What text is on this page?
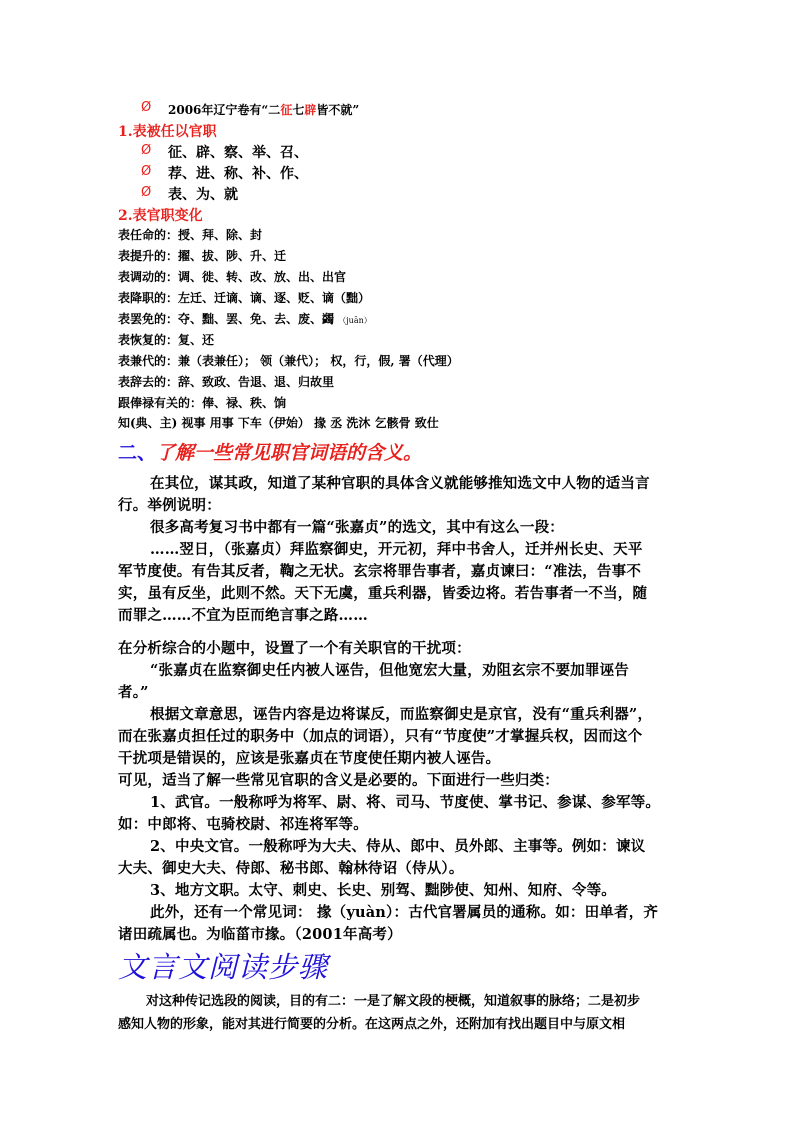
Ø 2006年辽宁卷有“二征七辟皆不就”
1.表被任以官职
Ø 征、辟、察、举、召、
Ø 荐、进、称、补、作、
Ø 表、为、就
2.表官职变化
表任命的：授、拜、除、封
表提升的：擢、拔、陟、升、迁
表调动的：调、徙、转、改、放、出、出官
表降职的：左迁、迁谪、谪、逐、贬、谪（黜）
表罢免的：夺、黜、罢、免、去、废、蠲 （juān）
表恢复的：复、还
表兼代的：兼（表兼任）； 领（兼代）； 权，行，假, 署（代理）
表辞去的：辞、致政、告退、退、归故里
跟俸禄有关的：俸、禄、秩、饷
知(典、主) 视事 用事 下车（伊始） 掾 丞 洗沐 乞骸骨 致仕
二、了解一些常见职官词语的含义。
在其位，谋其政，知道了某种官职的具体含义就能够推知选文中人物的适当言
行。举例说明：
很多高考复习书中都有一篇“张嘉贞”的选文，其中有这么一段：
……翌日，（张嘉贞）拜监察御史，开元初，拜中书舍人，迁并州长史、天平
军节度使。有告其反者，鞫之无状。玄宗将罪告事者，嘉贞谏曰：“准法，告事不
实，虽有反坐，此则不然。天下无虞，重兵利器，皆委边将。若告事者一不当，随
而罪之……不宜为臣而绝言事之路……
在分析综合的小题中，设置了一个有关职官的干扰项：
“张嘉贞在监察御史任内被人诬告，但他宽宏大量，劝阻玄宗不要加罪诬告
者。”
根据文章意思，诬告内容是边将谋反，而监察御史是京官，没有“重兵利器”，
而在张嘉贞担任过的职务中（加点的词语），只有“节度使”才掌握兵权，因而这个
干扰项是错误的，应该是张嘉贞在节度使任期内被人诬告。
可见，适当了解一些常见官职的含义是必要的。下面进行一些归类：
1、武官。一般称呼为将军、尉、将、司马、节度使、掌书记、参谋、参军等。
如：中郎将、屯骑校尉、祁连将军等。
2、中央文官。一般称呼为大夫、侍从、郎中、员外郎、主事等。例如：谏议
大夫、御史大夫、侍郎、秘书郎、翰林待诏（侍从）。
3、地方文职。太守、刺史、长史、别驾、黜陟使、知州、知府、令等。
此外，还有一个常见词： 掾（yuàn）：古代官署属员的通称。如：田单者，齐
诸田疏属也。为临菑市掾。（2001年高考）
文言文阅读步骤
对这种传记选段的阅读，目的有二：一是了解文段的梗概，知道叙事的脉络；二是初步
感知人物的形象，能对其进行简要的分析。在这两点之外，还附加有找出题目中与原文相
